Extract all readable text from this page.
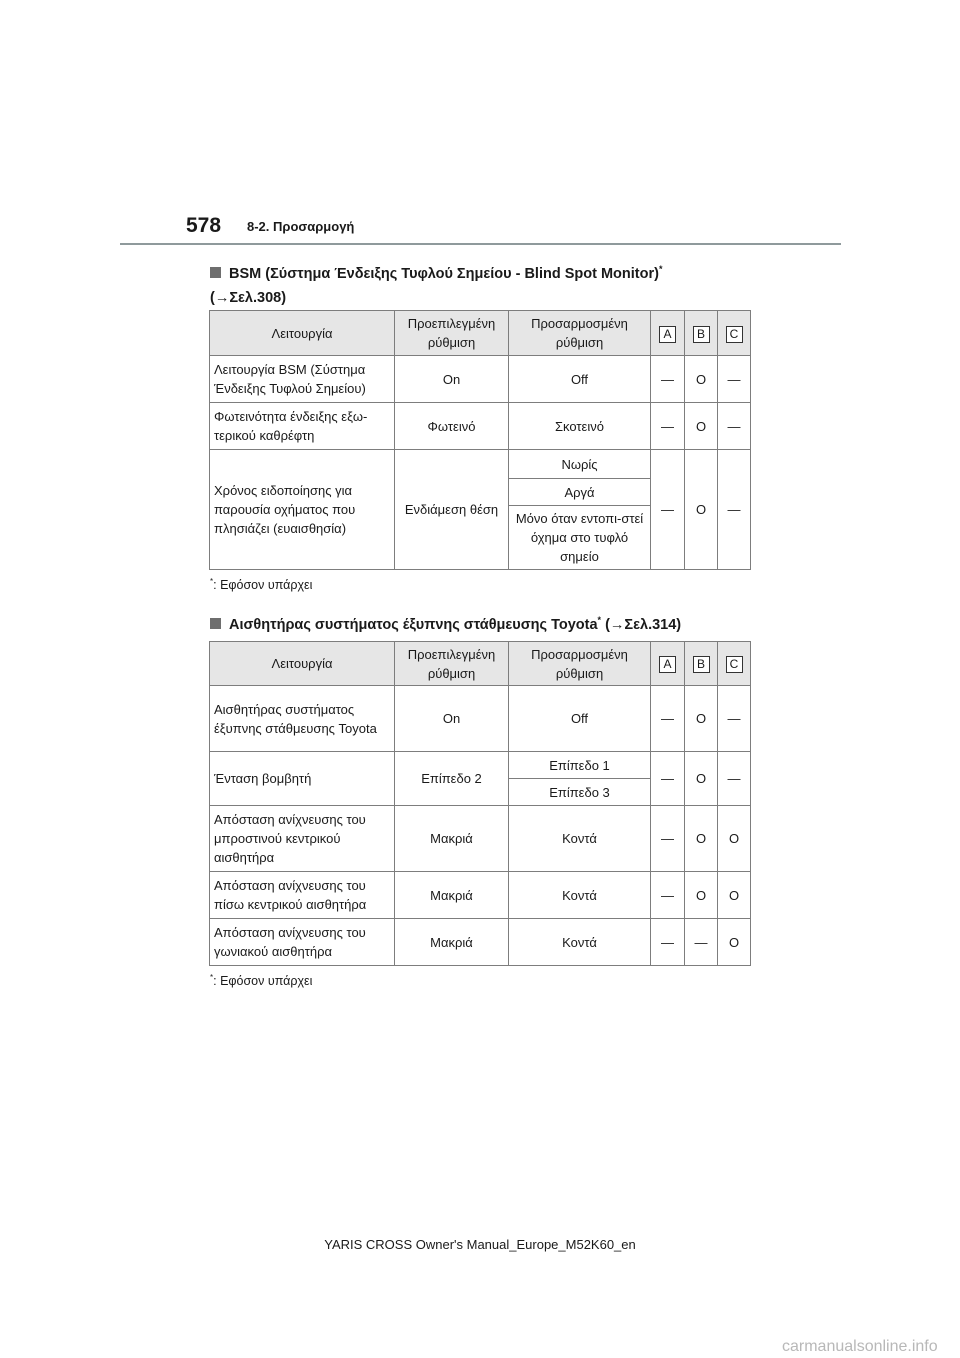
578 8-2. Προσαρμογή
BSM (Σύστημα Ένδειξης Τυφλού Σημείου - Blind Spot Monitor)*
(→Σελ.308)
Λειτουργία	Προεπιλεγμένη ρύθμιση	Προσαρμοσμένη ρύθμιση	A	B	C
Λειτουργία BSM (Σύστημα Ένδειξης Τυφλού Σημείου)	On	Off	—	O	—
Φωτεινότητα ένδειξης εξω-τερικού καθρέφτη	Φωτεινό	Σκοτεινό	—	O	—
Χρόνος ειδοποίησης για παρουσία οχήματος που πλησιάζει (ευαισθησία)	Ενδιάμεση θέση	Νωρίς	—	O	—
		Αργά			
		Μόνο όταν εντοπι-στεί όχημα στο τυφλό σημείο			
*: Εφόσον υπάρχει
Αισθητήρας συστήματος έξυπνης στάθμευσης Toyota* (→Σελ.314)
Λειτουργία	Προεπιλεγμένη ρύθμιση	Προσαρμοσμένη ρύθμιση	A	B	C
Αισθητήρας συστήματος έξυπνης στάθμευσης Toyota	On	Off	—	O	—
Ένταση βομβητή	Επίπεδο 2	Επίπεδο 1	—	O	—
		Επίπεδο 3			
Απόσταση ανίχνευσης του μπροστινού κεντρικού αισθητήρα	Μακριά	Κοντά	—	O	O
Απόσταση ανίχνευσης του πίσω κεντρικού αισθητήρα	Μακριά	Κοντά	—	O	O
Απόσταση ανίχνευσης του γωνιακού αισθητήρα	Μακριά	Κοντά	—	—	O
*: Εφόσον υπάρχει
YARIS CROSS Owner's Manual_Europe_M52K60_en
carmanualsonline.info
